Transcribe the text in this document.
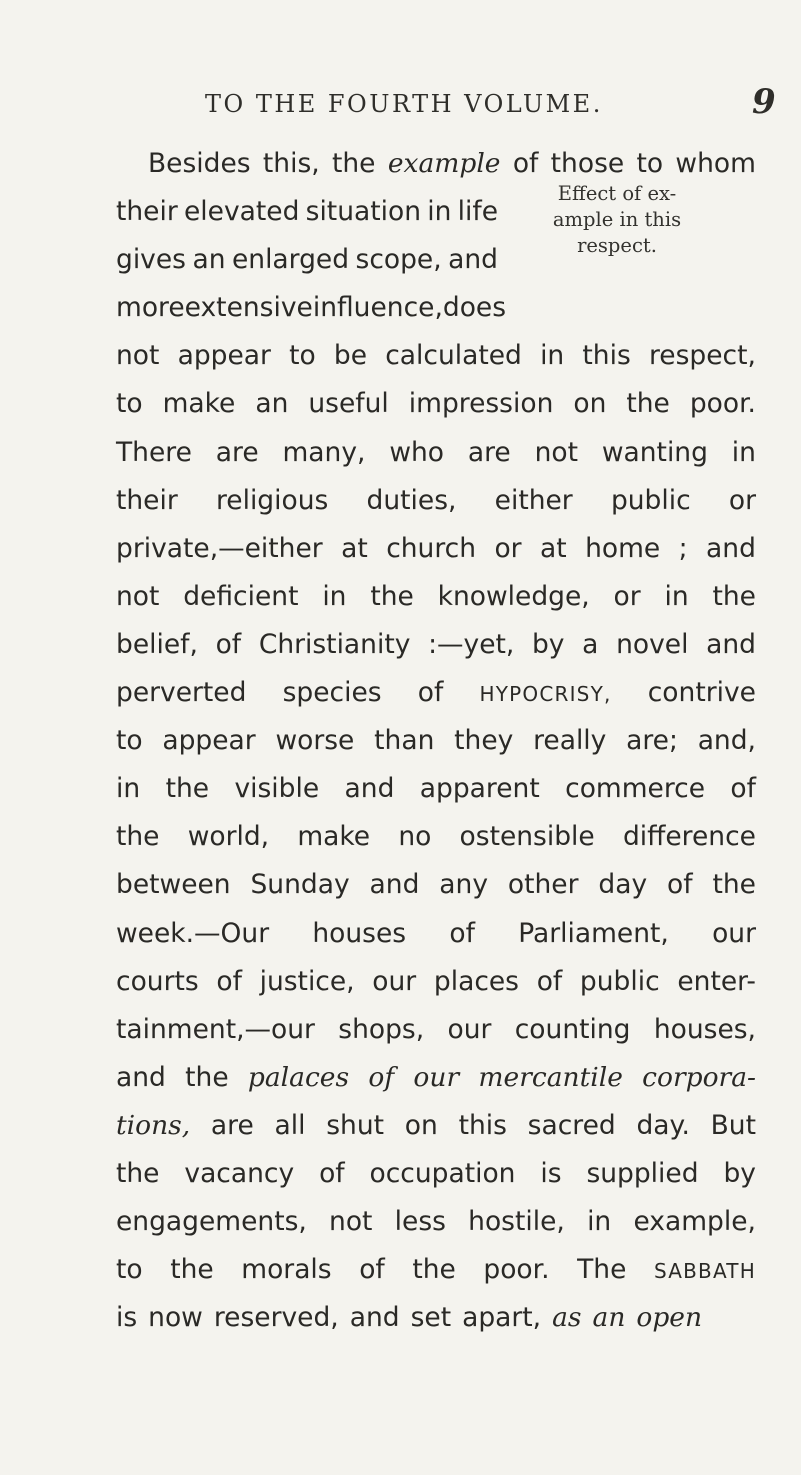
TO THE FOURTH VOLUME.	9
Effect of ex-
ample in this
respect.
Besides this, the example of those to whom
their elevated situation in life
gives an enlarged scope, and
more extensive influence, does
not appear to be calculated in this respect,
to make an useful impression on the poor.
There are many, who are not wanting in
their religious duties, either public or
private,—either at church or at home ; and
not deficient in the knowledge, or in the
belief, of Christianity :—yet, by a novel and
perverted species of HYPOCRISY, contrive
to appear worse than they really are; and,
in the visible and apparent commerce of
the world, make no ostensible difference
between Sunday and any other day of the
week.—Our houses of Parliament, our
courts of justice, our places of public enter-
tainment,—our shops, our counting houses,
and the palaces of our mercantile corpora-
tions, are all shut on this sacred day. But
the vacancy of occupation is supplied by
engagements, not less hostile, in example,
to the morals of the poor. The SABBATH
is now reserved, and set apart, as an open
